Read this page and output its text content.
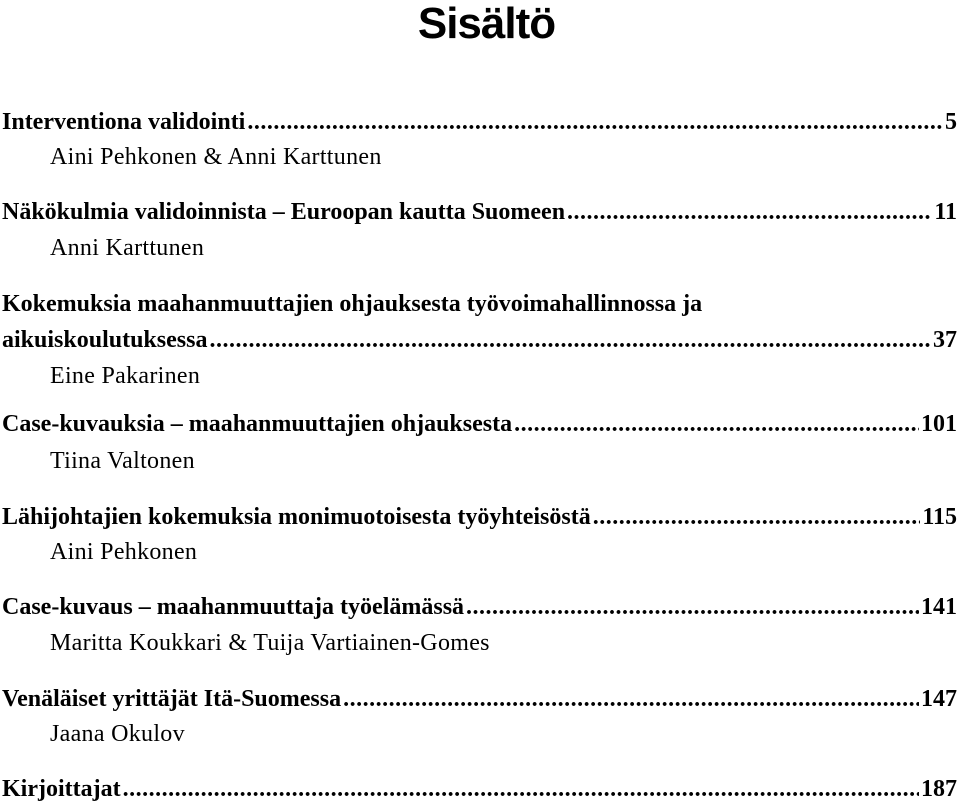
Sisältö
Interventiona validointi .....	5
Aini Pehkonen & Anni Karttunen
Näkökulmia validoinnista – Euroopan kautta Suomeen .....	11
Anni Karttunen
Kokemuksia maahanmuuttajien ohjauksesta työvoimahallinnossa ja
aikuiskoulutuksessa .....	37
Eine Pakarinen
Case-kuvauksia – maahanmuuttajien ohjauksesta .....	101
Tiina Valtonen
Lähijohtajien kokemuksia monimuotoisesta työyhteisöstä .....	115
Aini Pehkonen
Case-kuvaus – maahanmuuttaja työelämässä .....	141
Maritta Koukkari & Tuija Vartiainen-Gomes
Venäläiset yrittäjät Itä-Suomessa .....	147
Jaana Okulov
Kirjoittajat .....	187
